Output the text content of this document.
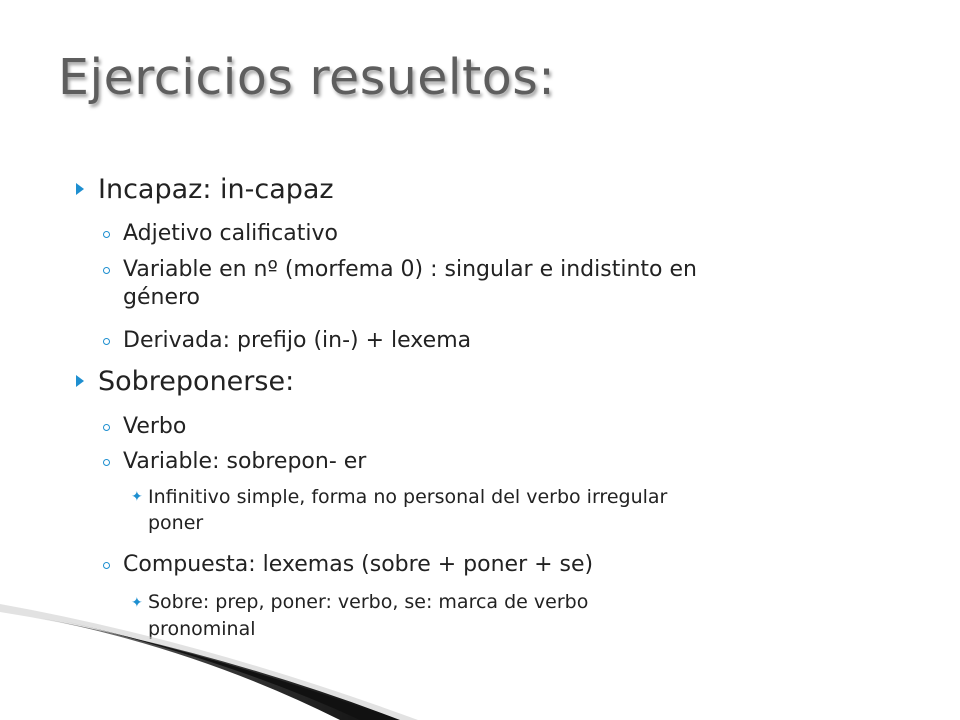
Ejercicios resueltos:
Incapaz: in-capaz
Adjetivo calificativo
Variable en nº (morfema 0) : singular e indistinto en
género
Derivada: prefijo (in-) + lexema
Sobreponerse:
Verbo
Variable: sobrepon- er
✦ Infinitivo simple, forma no personal del verbo irregular
poner
Compuesta: lexemas (sobre + poner + se)
✦ Sobre: prep, poner: verbo, se: marca de verbo
pronominal
